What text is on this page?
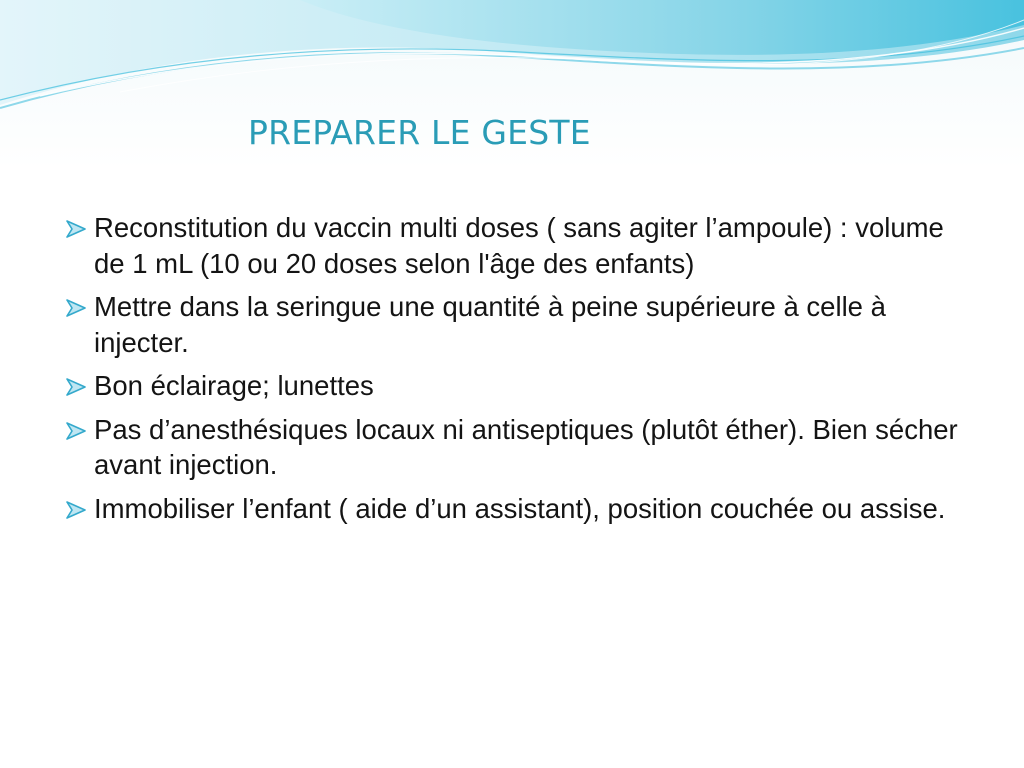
PREPARER LE GESTE
Reconstitution du vaccin multi doses ( sans agiter l’ampoule) : volume de 1 mL (10 ou 20 doses selon l'âge des enfants)
Mettre dans la seringue une quantité à peine supérieure à celle à injecter.
Bon éclairage; lunettes
Pas d’anesthésiques locaux ni antiseptiques (plutôt éther). Bien sécher avant injection.
Immobiliser l’enfant ( aide d’un assistant), position couchée ou assise.
